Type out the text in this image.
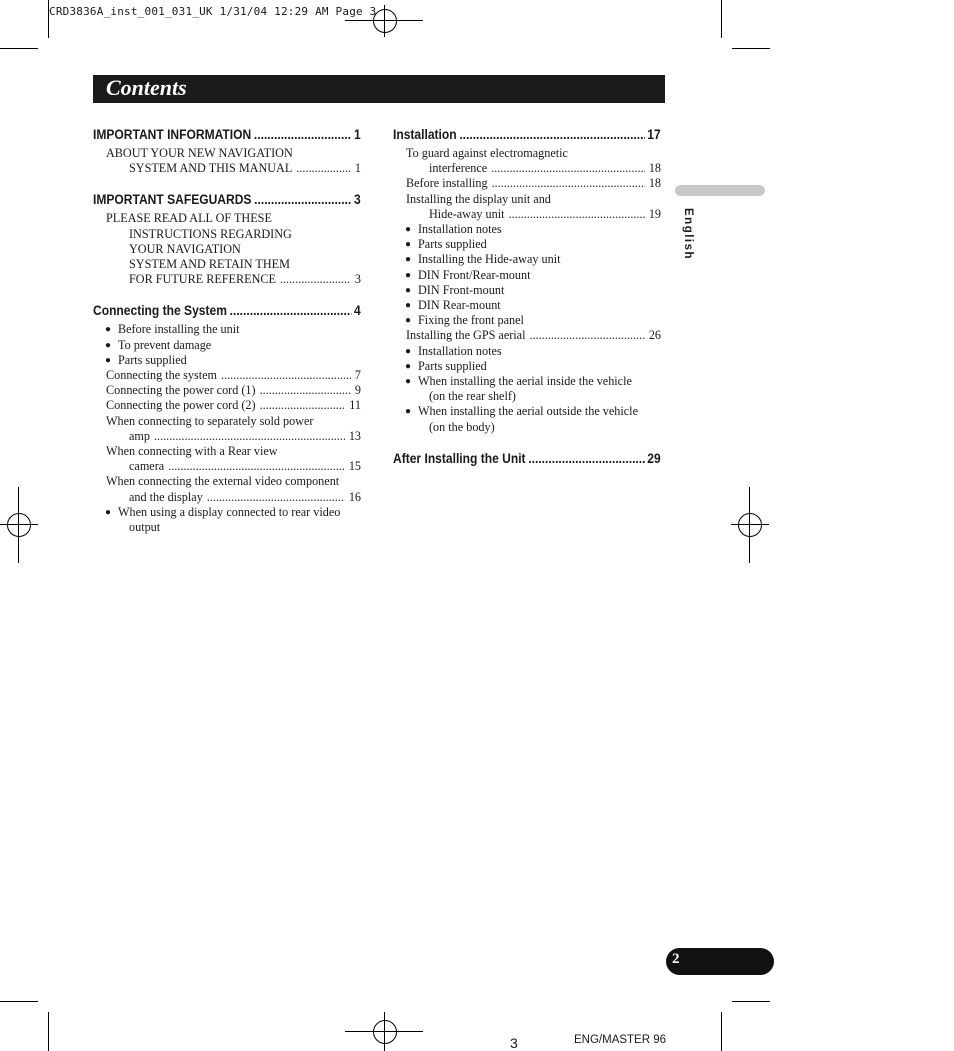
CRD3836A_inst_001_031_UK 1/31/04 12:29 AM Page 3
Contents
IMPORTANT INFORMATION .....	1
ABOUT YOUR NEW NAVIGATION
SYSTEM AND THIS MANUAL .....	1
IMPORTANT SAFEGUARDS .....	3
PLEASE READ ALL OF THESE
INSTRUCTIONS REGARDING
YOUR NAVIGATION
SYSTEM AND RETAIN THEM
FOR FUTURE REFERENCE .....	3
Connecting the System .....	4
● Before installing the unit
● To prevent damage
● Parts supplied
Connecting the system .....	7
Connecting the power cord (1) .....	9
Connecting the power cord (2) .....	11
When connecting to separately sold power
amp .....	13
When connecting with a Rear view
camera .....	15
When connecting the external video component
and the display .....	16
● When using a display connected to rear video
output
Installation .....	17
To guard against electromagnetic
interference .....	18
Before installing .....	18
Installing the display unit and
Hide-away unit .....	19
● Installation notes
● Parts supplied
● Installing the Hide-away unit
● DIN Front/Rear-mount
● DIN Front-mount
● DIN Rear-mount
● Fixing the front panel
Installing the GPS aerial .....	26
● Installation notes
● Parts supplied
● When installing the aerial inside the vehicle
(on the rear shelf)
● When installing the aerial outside the vehicle
(on the body)
After Installing the Unit .....	29
English
2
3	ENG/MASTER 96
